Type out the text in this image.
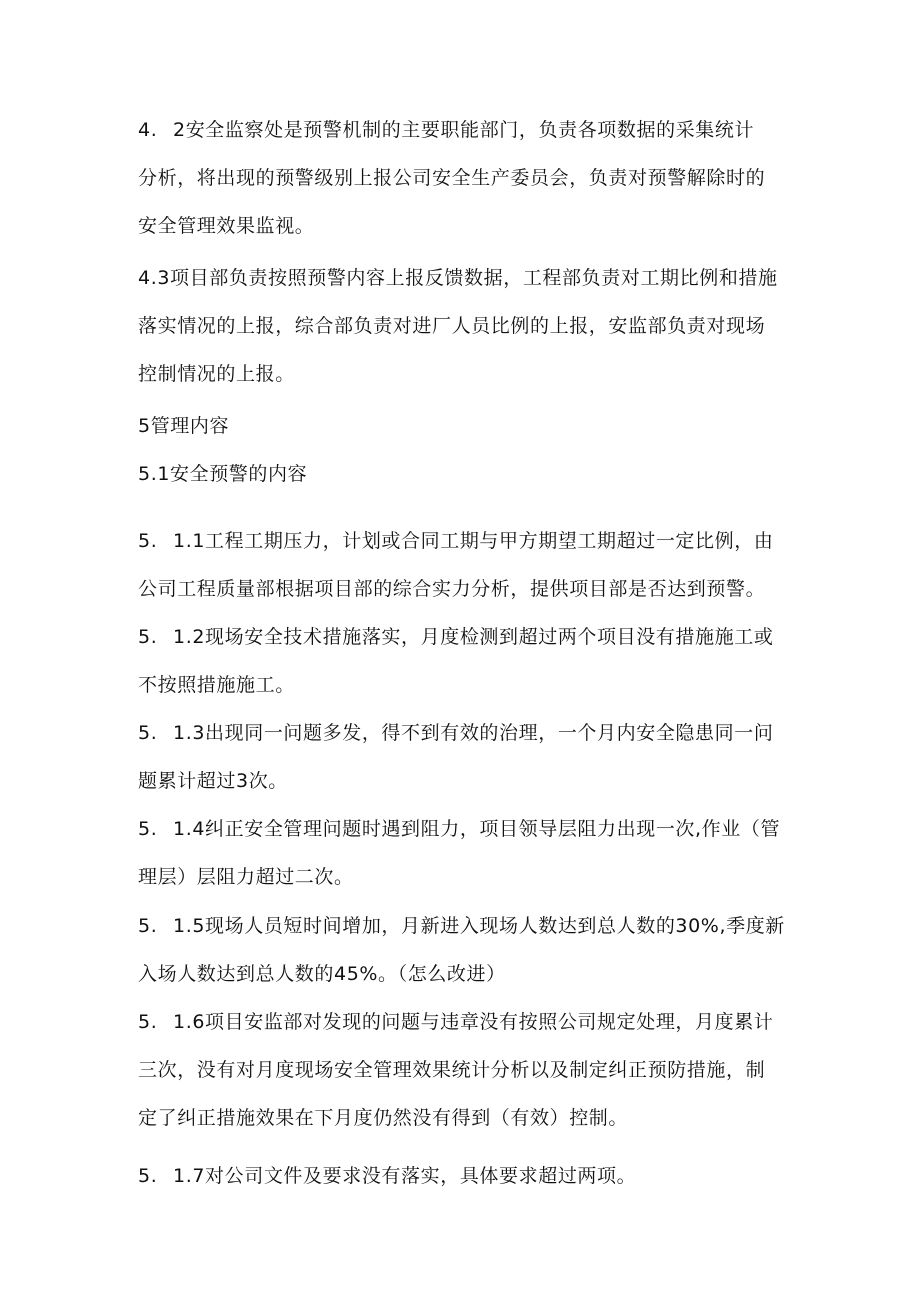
4. 2安全监察处是预警机制的主要职能部门，负责各项数据的采集统计
分析，将出现的预警级别上报公司安全生产委员会，负责对预警解除时的
安全管理效果监视。
4.3项目部负责按照预警内容上报反馈数据，工程部负责对工期比例和措施
落实情况的上报，综合部负责对进厂人员比例的上报，安监部负责对现场
控制情况的上报。
5管理内容
5.1安全预警的内容
5. 1.1工程工期压力，计划或合同工期与甲方期望工期超过一定比例，由
公司工程质量部根据项目部的综合实力分析，提供项目部是否达到预警。
5. 1.2现场安全技术措施落实，月度检测到超过两个项目没有措施施工或
不按照措施施工。
5. 1.3出现同一问题多发，得不到有效的治理，一个月内安全隐患同一问
题累计超过3次。
5. 1.4纠正安全管理问题时遇到阻力，项目领导层阻力出现一次,作业（管
理层）层阻力超过二次。
5. 1.5现场人员短时间增加，月新进入现场人数达到总人数的30%,季度新
入场人数达到总人数的45%。（怎么改进）
5. 1.6项目安监部对发现的问题与违章没有按照公司规定处理，月度累计
三次，没有对月度现场安全管理效果统计分析以及制定纠正预防措施，制
定了纠正措施效果在下月度仍然没有得到（有效）控制。
5. 1.7对公司文件及要求没有落实，具体要求超过两项。
